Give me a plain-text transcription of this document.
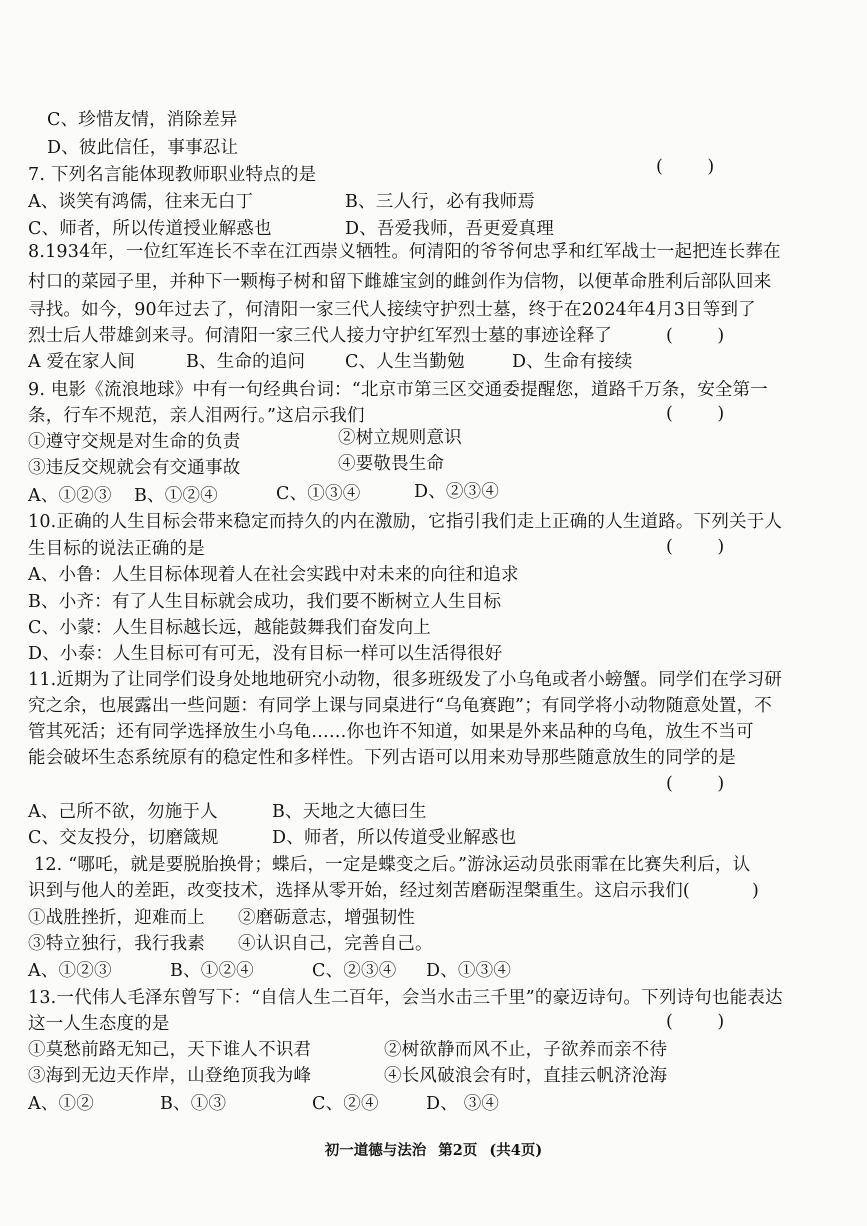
C、珍惜友情，消除差异
D、彼此信任，事事忍让
7. 下列名言能体现教师职业特点的是	(        )
A、谈笑有鸿儒，往来无白丁	B、三人行，必有我师焉
C、师者，所以传道授业解惑也	D、吾爱我师，吾更爱真理
8.1934年，一位红军连长不幸在江西崇义牺牲。何清阳的爷爷何忠孚和红军战士一起把连长葬在
村口的菜园子里，并种下一颗梅子树和留下雌雄宝剑的雌剑作为信物，以便革命胜利后部队回来
寻找。如今，90年过去了，何清阳一家三代人接续守护烈士墓，终于在2024年4月3日等到了
烈士后人带雄剑来寻。何清阳一家三代人接力守护红军烈士墓的事迹诠释了	(        )
A 爱在家人间	B、生命的追问 C、人生当勤勉	D、生命有接续
9. 电影《流浪地球》中有一句经典台词：“北京市第三区交通委提醒您，道路千万条，安全第一
条，行车不规范，亲人泪两行。”这启示我们	(        )
①遵守交规是对生命的负责	②树立规则意识
③违反交规就会有交通事故	④要敬畏生命
A、①②③ B、①②④	C、①③④	D、②③④
10.正确的人生目标会带来稳定而持久的内在激励，它指引我们走上正确的人生道路。下列关于人
生目标的说法正确的是	(        )
A、小鲁：人生目标体现着人在社会实践中对未来的向往和追求
B、小齐：有了人生目标就会成功，我们要不断树立人生目标
C、小蒙：人生目标越长远，越能鼓舞我们奋发向上
D、小泰：人生目标可有可无，没有目标一样可以生活得很好
11.近期为了让同学们设身处地地研究小动物，很多班级发了小乌龟或者小螃蟹。同学们在学习研
究之余，也展露出一些问题：有同学上课与同桌进行“乌龟赛跑”；有同学将小动物随意处置，不
管其死活；还有同学选择放生小乌龟……你也许不知道，如果是外来品种的乌龟，放生不当可
能会破坏生态系统原有的稳定性和多样性。下列古语可以用来劝导那些随意放生的同学的是
(        )
A、己所不欲，勿施于人	B、天地之大德曰生
C、交友投分，切磨箴规	D、师者，所以传道受业解惑也
12. “哪吒，就是要脱胎换骨；蝶后，一定是蝶变之后。”游泳运动员张雨霏在比赛失利后，认
识到与他人的差距，改变技术，选择从零开始，经过刻苦磨砺涅槃重生。这启示我们(	)
①战胜挫折，迎难而上 ②磨砺意志，增强韧性
③特立独行，我行我素 ④认识自己，完善自己。
A、①②③	B、①②④	C、②③④ D、①③④
13.一代伟人毛泽东曾写下：“自信人生二百年，会当水击三千里”的豪迈诗句。下列诗句也能表达
这一人生态度的是	(        )
①莫愁前路无知己，天下谁人不识君	②树欲静而风不止，子欲养而亲不待
③海到无边天作岸，山登绝顶我为峰	④长风破浪会有时，直挂云帆济沧海
A、①②	B、①③	C、②④	D、 ③④
初一道德与法治 第2页 (共4页)
